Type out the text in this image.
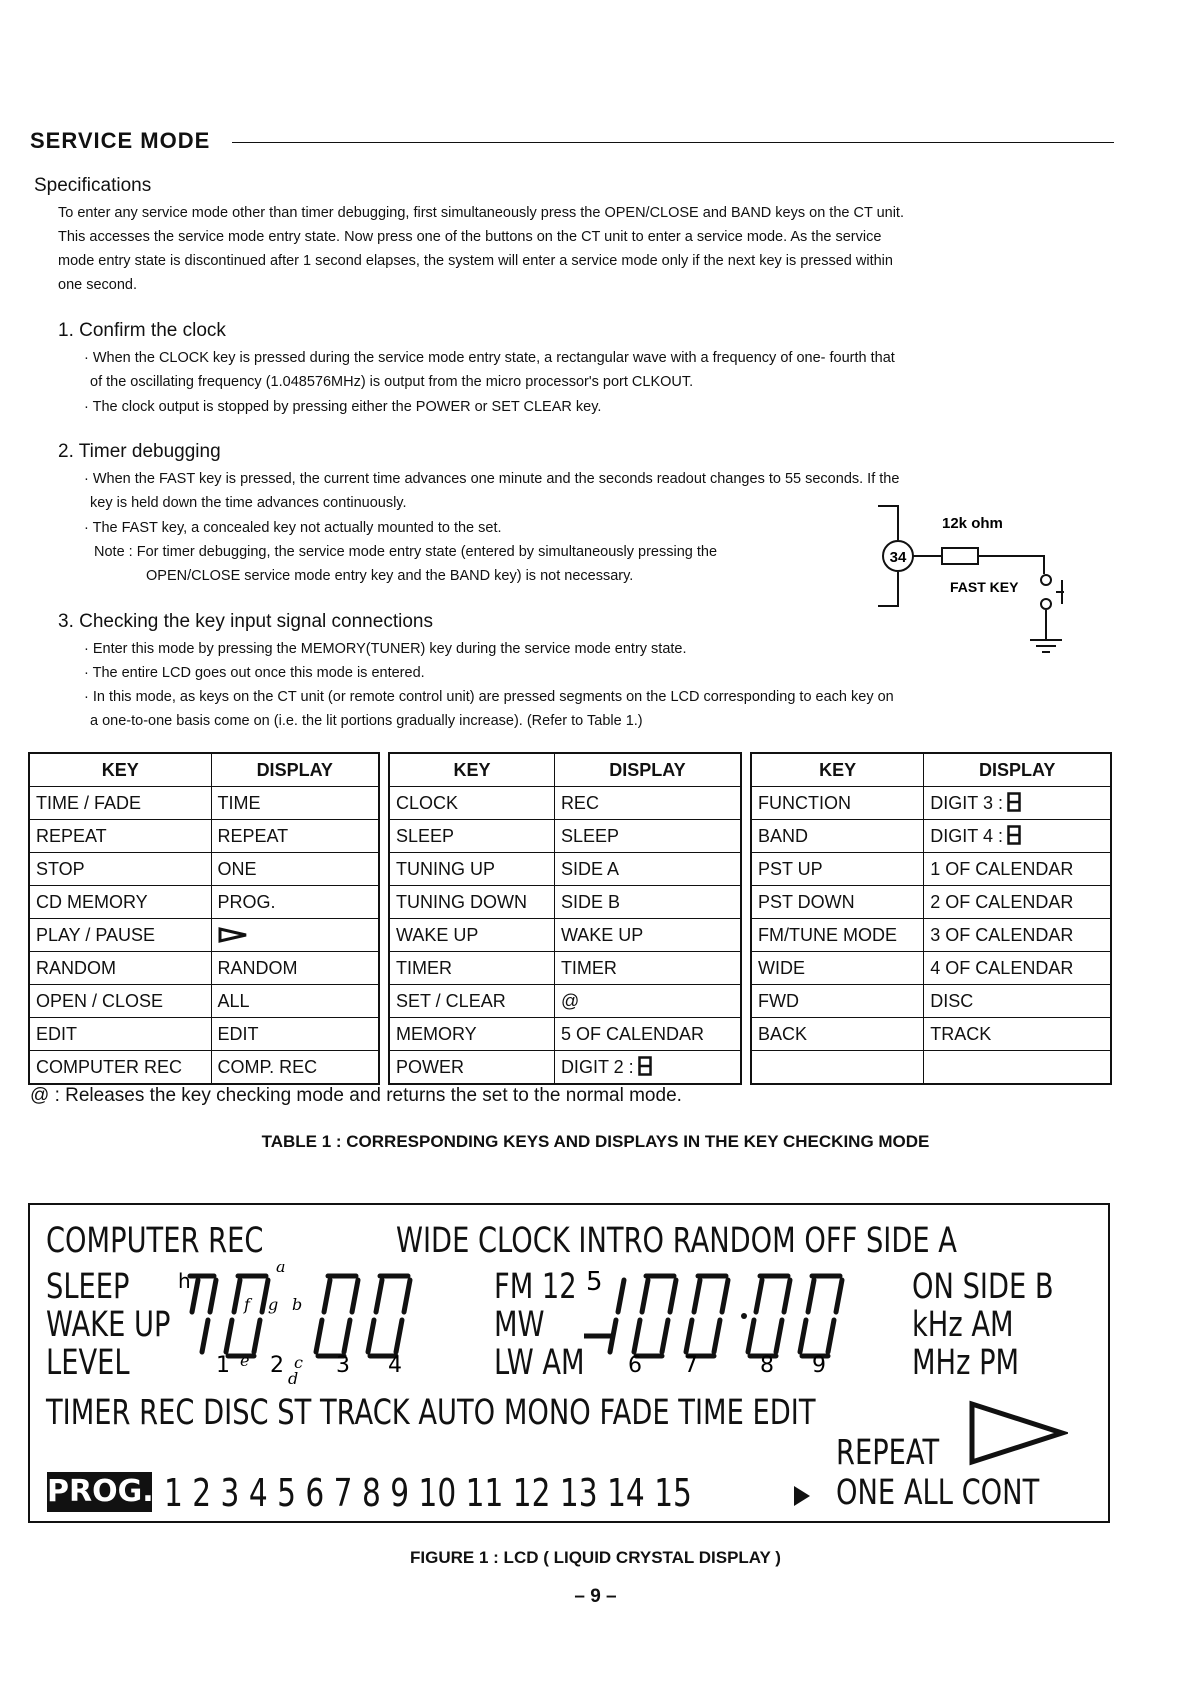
SERVICE MODE
Specifications
To enter any service mode other than timer debugging, first simultaneously press the OPEN/CLOSE and BAND keys on the CT unit.
This accesses the service mode entry state. Now press one of the buttons on the CT unit to enter a service mode. As the service
mode entry state is discontinued after 1 second elapses, the system will enter a service mode only if the next key is pressed within
one second.
1. Confirm the clock
· When the CLOCK key is pressed during the service mode entry state, a rectangular wave with a frequency of one- fourth that
of the oscillating frequency (1.048576MHz) is output from the micro processor's port CLKOUT.
· The clock output is stopped by pressing either the POWER or SET CLEAR key.
2. Timer debugging
· When the FAST key is pressed, the current time advances one minute and the seconds readout changes to 55 seconds. If the
key is held down the time advances continuously.
· The FAST key, a concealed key not actually mounted to the set.
Note : For timer debugging, the service mode entry state (entered by simultaneously pressing the
OPEN/CLOSE service mode entry key and the BAND key) is not necessary.
34
12k ohm
FAST KEY
3. Checking the key input signal connections
· Enter this mode by pressing the MEMORY(TUNER) key during the service mode entry state.
· The entire LCD goes out once this mode is entered.
· In this mode, as keys on the CT unit (or remote control unit) are pressed segments on the LCD corresponding to each key on
a one-to-one basis come on (i.e. the lit portions gradually increase). (Refer to Table 1.)
KEY	DISPLAY
TIME / FADE	TIME
REPEAT	REPEAT
STOP	ONE
CD MEMORY	PROG.
PLAY / PAUSE	
RANDOM	RANDOM
OPEN / CLOSE	ALL
EDIT	EDIT
COMPUTER REC	COMP. REC
KEY	DISPLAY
CLOCK	REC
SLEEP	SLEEP
TUNING UP	SIDE A
TUNING DOWN	SIDE B
WAKE UP	WAKE UP
TIMER	TIMER
SET / CLEAR	@
MEMORY	5 OF CALENDAR
POWER	DIGIT 2 :
KEY	DISPLAY
FUNCTION	DIGIT 3 :
BAND	DIGIT 4 :
PST UP	1 OF CALENDAR
PST DOWN	2 OF CALENDAR
FM/TUNE MODE	3 OF CALENDAR
WIDE	4 OF CALENDAR
FWD	DISC
BACK	TRACK

@ : Releases the key checking mode and returns the set to the normal mode.
TABLE 1 : CORRESPONDING KEYS AND DISPLAYS IN THE KEY CHECKING MODE
COMPUTER REC	WIDE CLOCK INTRO RANDOM OFF SIDE A
SLEEP
WAKE UP
LEVEL
FM 12
MW
LW AM
ON SIDE B
kHz AM
MHz PM
TIMER REC DISC ST TRACK AUTO MONO FADE TIME EDIT
REPEAT
PROG. 1 2 3 4 5 6 7 8 9 10 11 12 13 14 15	ONE ALL CONT
h
f g b
a
1 e 2 c
d
3 4
5
6 7	8 9
FIGURE 1 : LCD ( LIQUID CRYSTAL DISPLAY )
– 9 –
